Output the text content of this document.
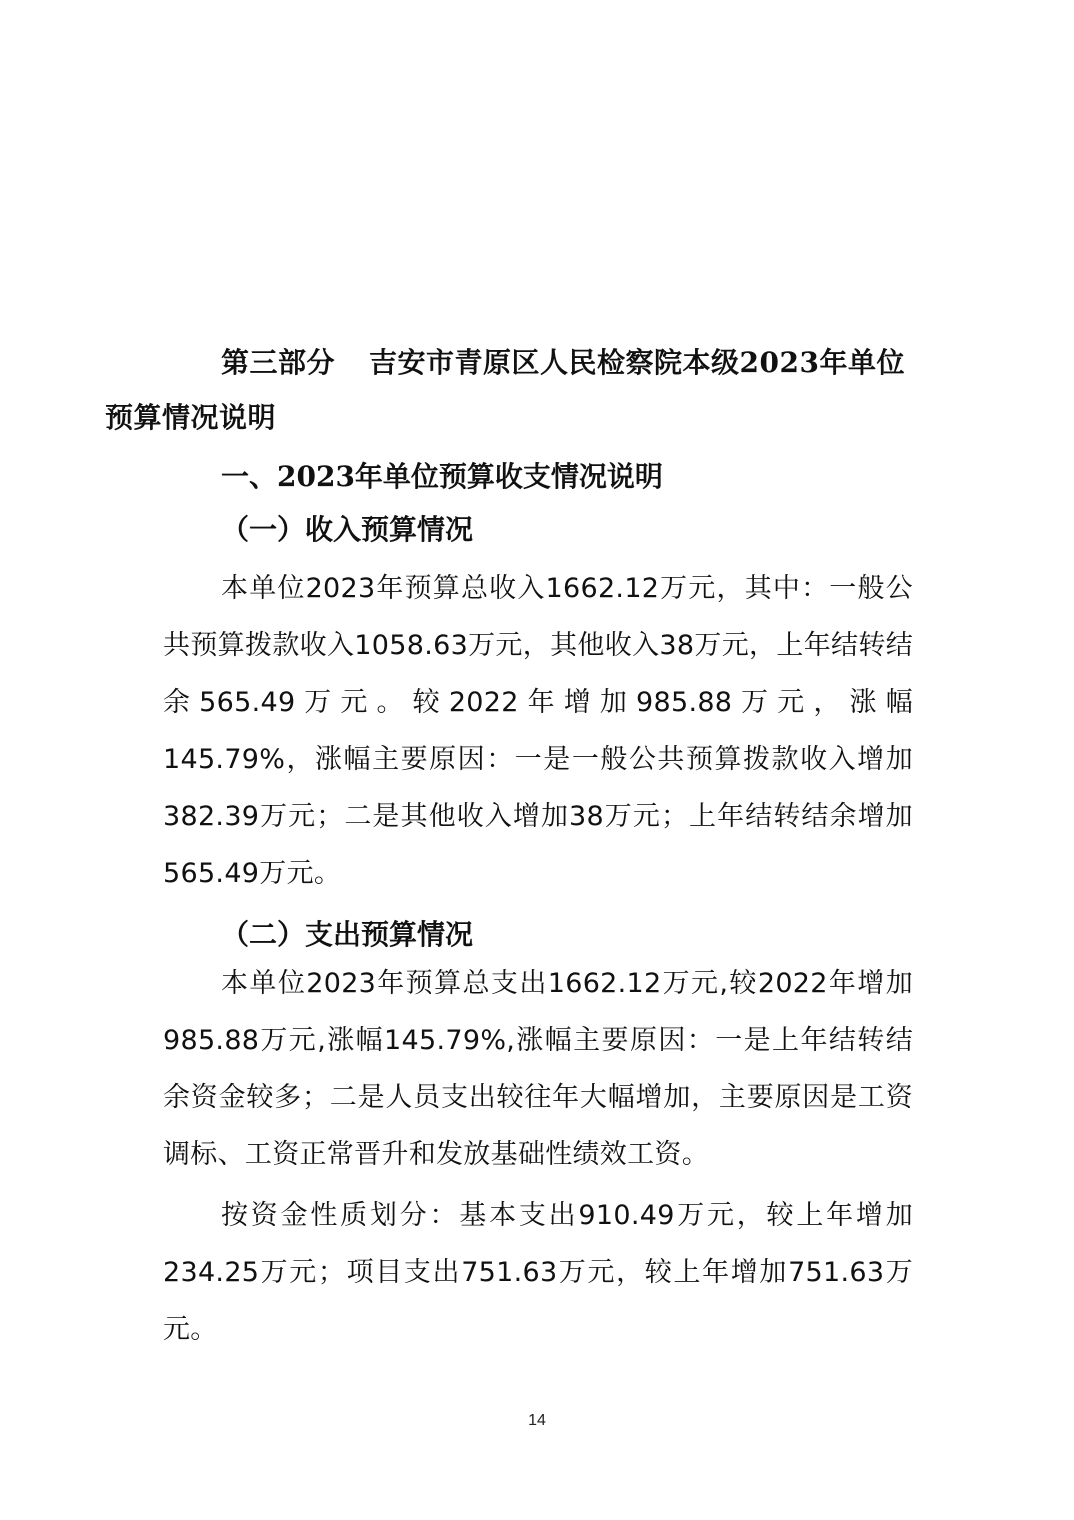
第三部分 吉安市青原区人民检察院本级2023年单位
预算情况说明

一、2023年单位预算收支情况说明

（一）收入预算情况

本单位2023年预算总收入1662.12万元，其中：一般公共预算拨款收入1058.63万元，其他收入38万元，上年结转结余565.49万元。较2022年增加985.88万元，涨幅145.79%，涨幅主要原因：一是一般公共预算拨款收入增加382.39万元；二是其他收入增加38万元；上年结转结余增加565.49万元。

（二）支出预算情况

本单位2023年预算总支出1662.12万元,较2022年增加985.88万元,涨幅145.79%,涨幅主要原因：一是上年结转结余资金较多；二是人员支出较往年大幅增加，主要原因是工资调标、工资正常晋升和发放基础性绩效工资。

按资金性质划分：基本支出910.49万元，较上年增加234.25万元；项目支出751.63万元，较上年增加751.63万元。

14
